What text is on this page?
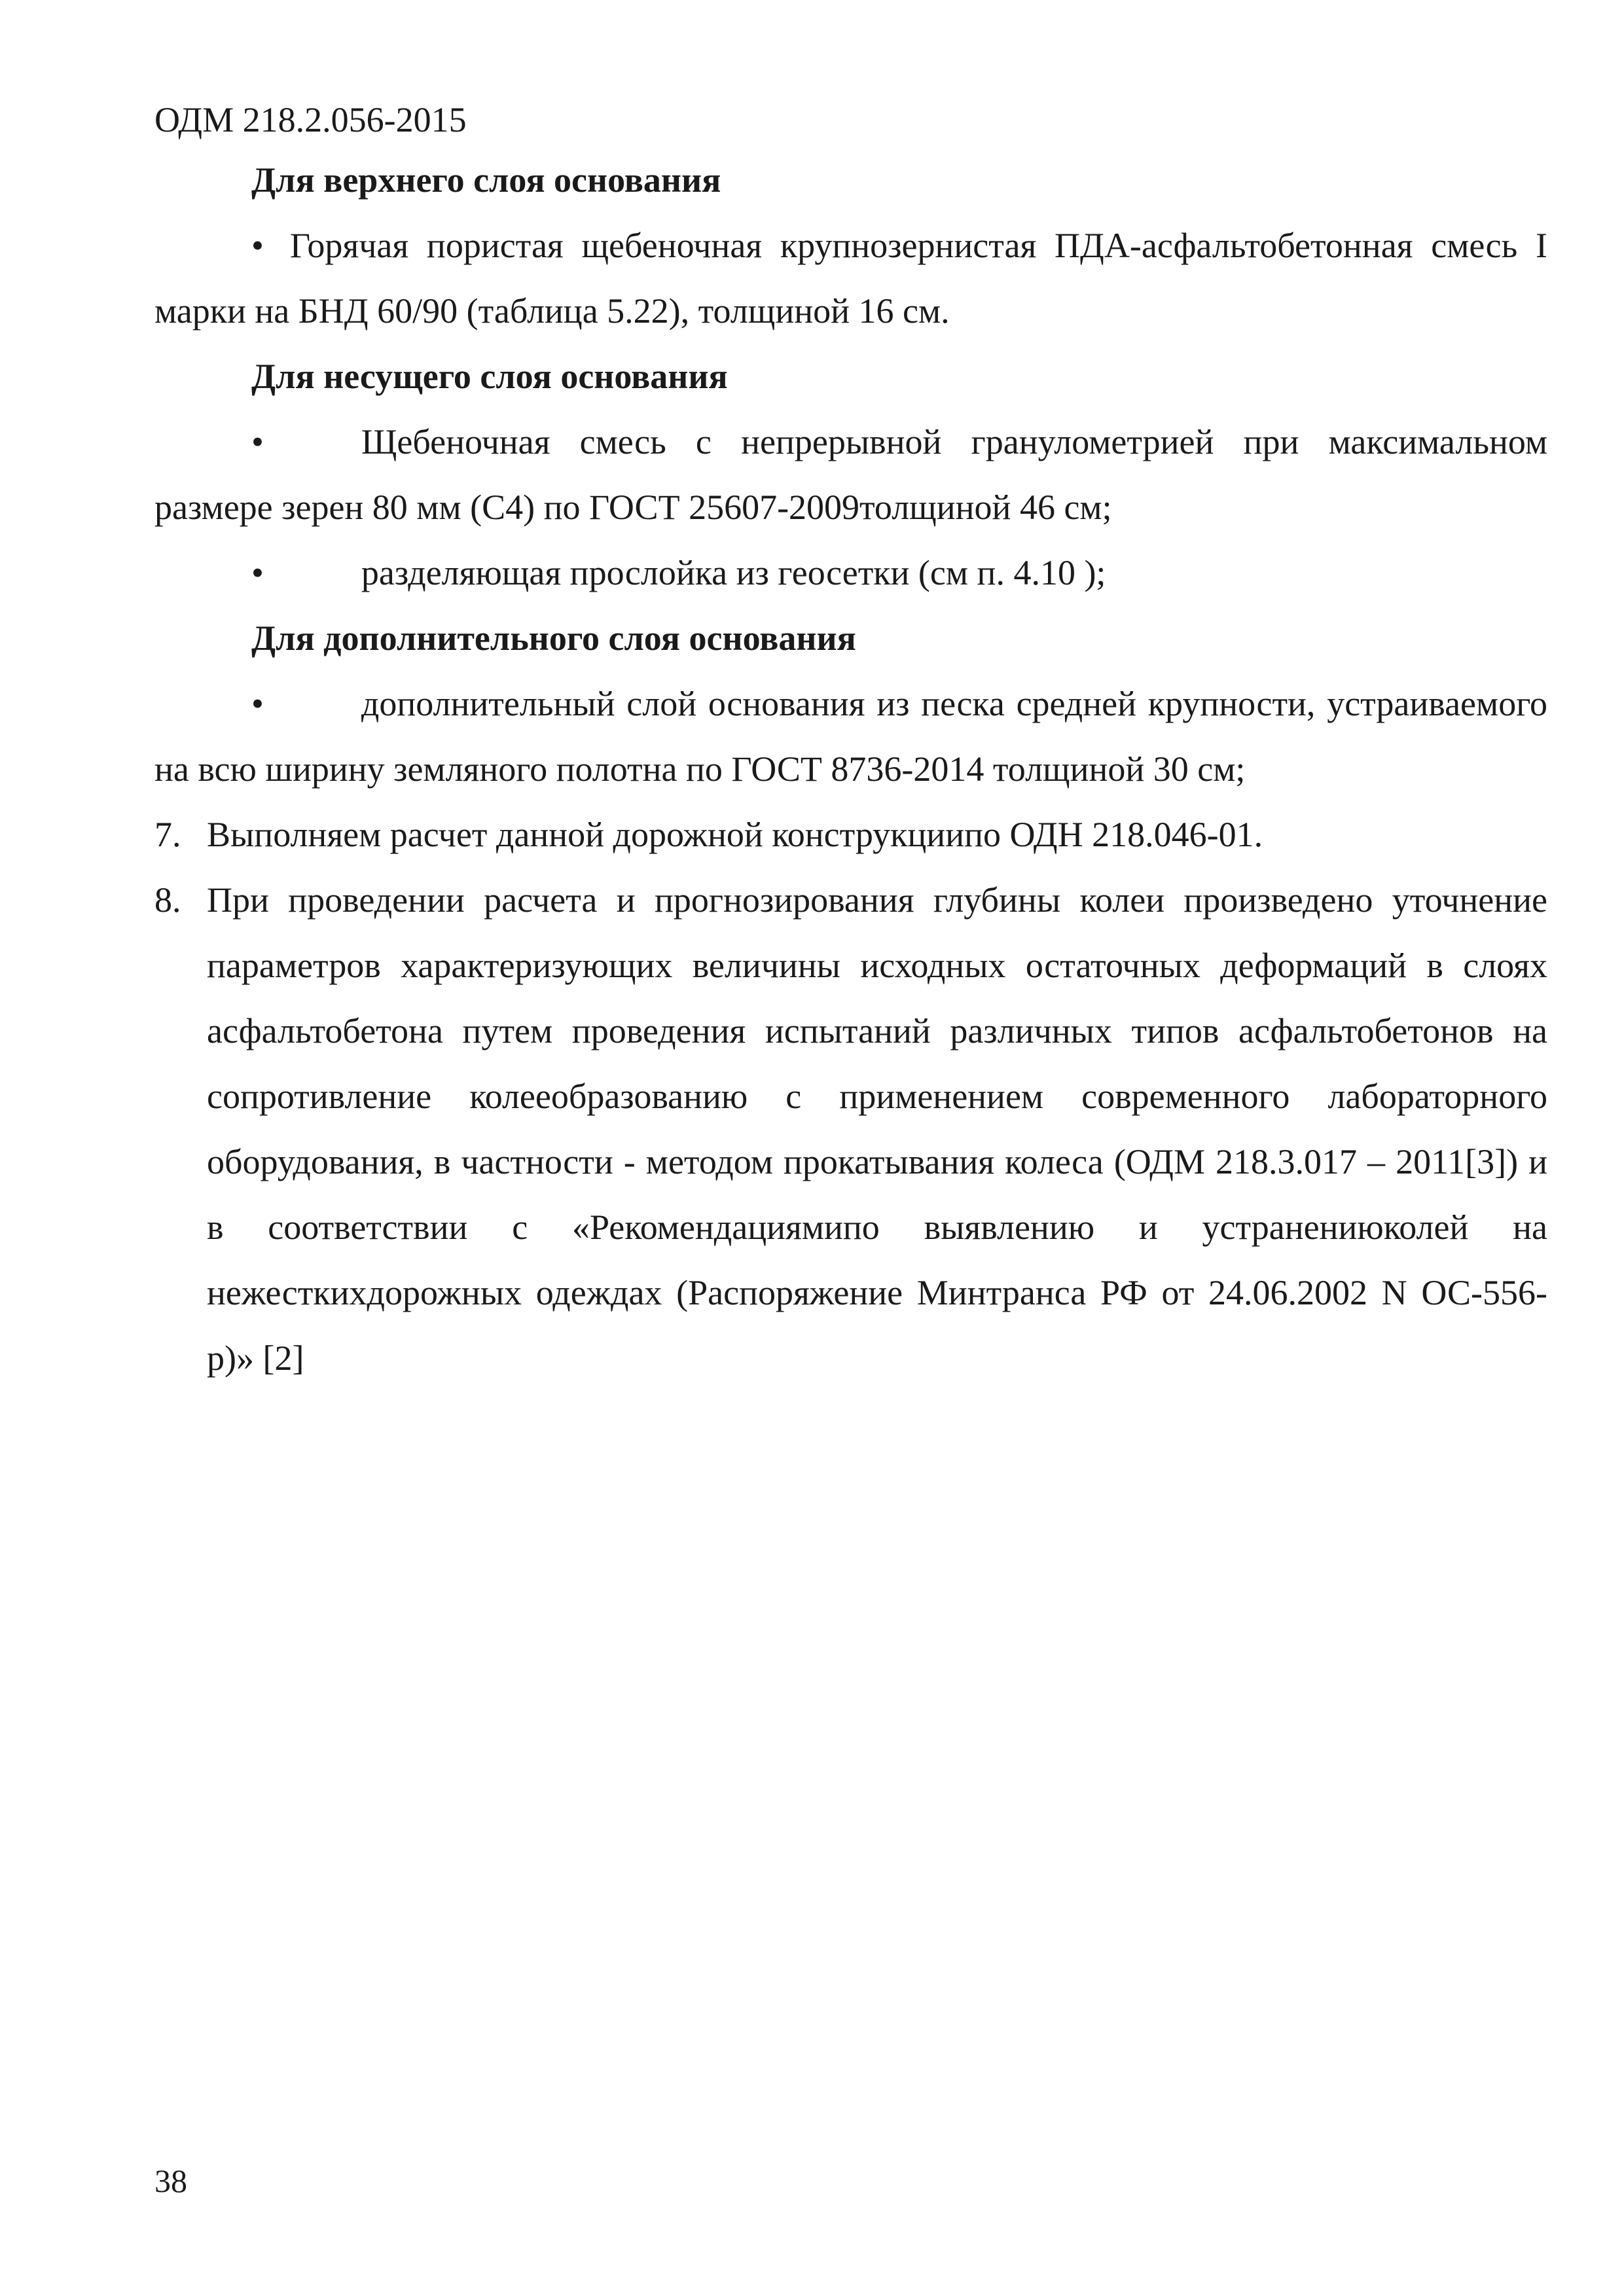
ОДМ 218.2.056-2015
Для верхнего слоя основания
• Горячая пористая щебеночная крупнозернистая ПДА-асфальтобетонная смесь I марки на БНД 60/90 (таблица 5.22), толщиной 16 см.
Для несущего слоя основания
•	Щебеночная смесь с непрерывной гранулометрией при максимальном размере зерен 80 мм (С4) по ГОСТ 25607-2009толщиной 46 см;
•	разделяющая прослойка из геосетки (см п. 4.10 );
Для дополнительного слоя основания
•	дополнительный слой основания из песка средней крупности, устраиваемого на всю ширину земляного полотна по ГОСТ 8736-2014 толщиной 30 см;
7. Выполняем расчет данной дорожной конструкциипо ОДН 218.046-01.
8. При проведении расчета и прогнозирования глубины колеи произведено уточнение параметров характеризующих величины исходных остаточных деформаций в слоях асфальтобетона путем проведения испытаний различных типов асфальтобетонов на сопротивление колееобразованию с применением современного лабораторного оборудования, в частности - методом прокатывания колеса (ОДМ 218.3.017 – 2011[3]) и в соответствии с «Рекомендациямипо выявлению и устранениюколей на нежесткихдорожных одеждах (Распоряжение Минтранса РФ от 24.06.2002 N ОС-556-р)» [2]
38
